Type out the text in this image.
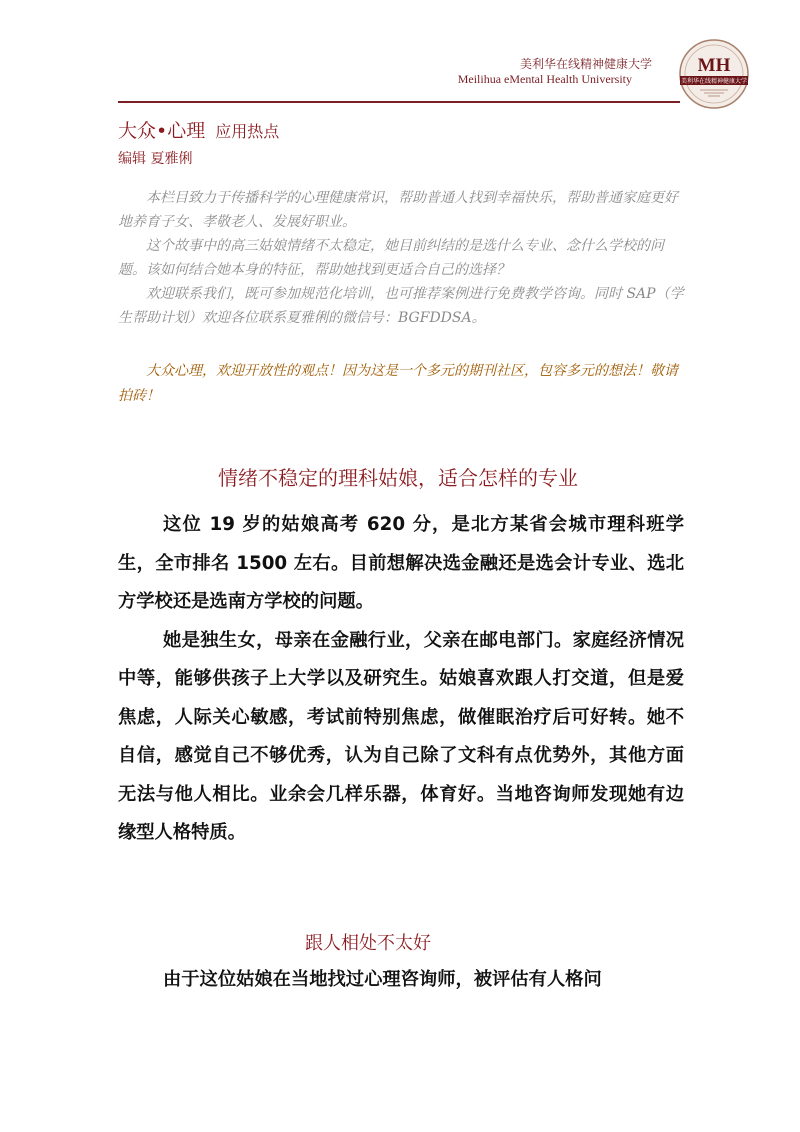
美利华在线精神健康大学
Meilihua eMental Health University
MH
美利华在线精神健康大学
大众•心理 应用热点
编辑 夏雅俐

本栏目致力于传播科学的心理健康常识，帮助普通人找到幸福快乐，帮助普通家庭更好地养育子女、孝敬老人、发展好职业。

这个故事中的高三姑娘情绪不太稳定，她目前纠结的是选什么专业、念什么学校的问题。该如何结合她本身的特征，帮助她找到更适合自己的选择？

欢迎联系我们，既可参加规范化培训，也可推荐案例进行免费教学咨询。同时 SAP（学生帮助计划）欢迎各位联系夏雅俐的微信号：BGFDDSA。

大众心理，欢迎开放性的观点！因为这是一个多元的期刊社区，包容多元的想法！敬请拍砖！

情绪不稳定的理科姑娘，适合怎样的专业

这位 19 岁的姑娘高考 620 分，是北方某省会城市理科班学生，全市排名 1500 左右。目前想解决选金融还是选会计专业、选北方学校还是选南方学校的问题。

她是独生女，母亲在金融行业，父亲在邮电部门。家庭经济情况中等，能够供孩子上大学以及研究生。姑娘喜欢跟人打交道，但是爱焦虑，人际关心敏感，考试前特别焦虑，做催眠治疗后可好转。她不自信，感觉自己不够优秀，认为自己除了文科有点优势外，其他方面无法与他人相比。业余会几样乐器，体育好。当地咨询师发现她有边缘型人格特质。

跟人相处不太好

由于这位姑娘在当地找过心理咨询师，被评估有人格问
